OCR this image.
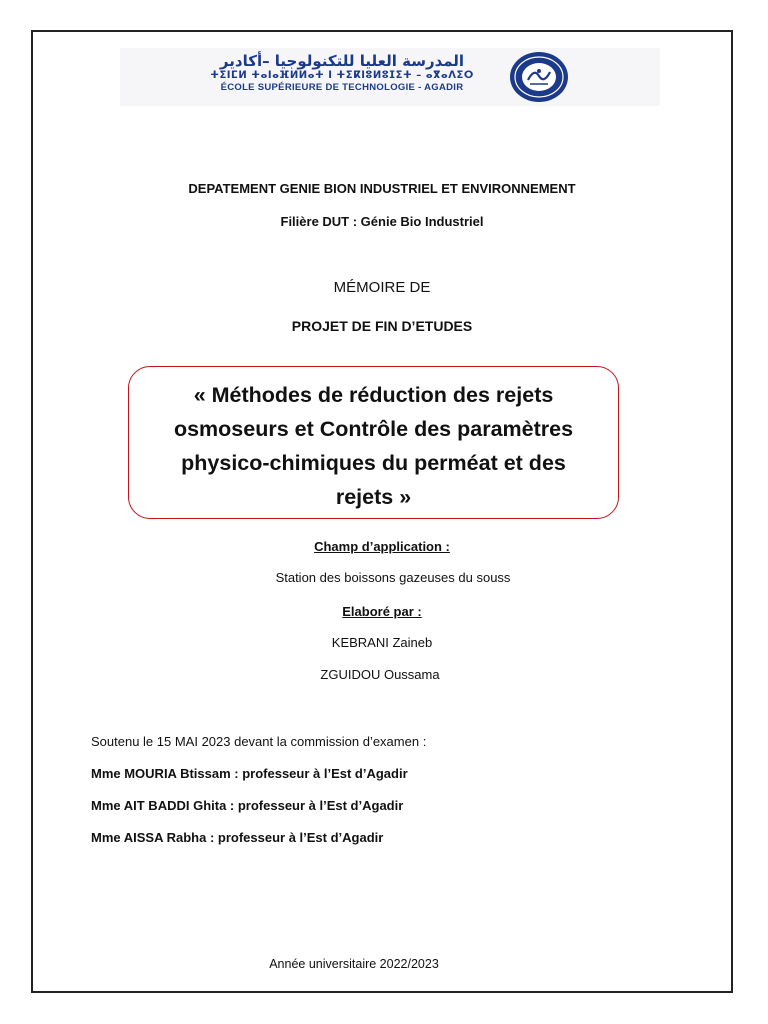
المدرسة العليا للتكنولوجيا –أكادير
ⵜⵉⵏⵎⵍ ⵜⴰⵏⴰⴼⵍⵍⴰⵜ ⵏ ⵜⵉⴽⵏⵓⵍⵓⵊⵉⵜ – ⴰⴳⴰⴷⵉⵔ
ÉCOLE SUPÉRIEURE DE TECHNOLOGIE - AGADIR
DEPATEMENT GENIE BION INDUSTRIEL ET ENVIRONNEMENT
Filière DUT : Génie Bio Industriel
MÉMOIRE DE
PROJET DE FIN D’ETUDES
« Méthodes de réduction des rejets
osmoseurs et Contrôle des paramètres
physico-chimiques du perméat et des
rejets »
Champ d’application :
Station des boissons gazeuses du souss
Elaboré par :
KEBRANI Zaineb
ZGUIDOU Oussama
Soutenu le 15 MAI 2023 devant la commission d’examen :
Mme MOURIA Btissam : professeur à l’Est d’Agadir
Mme AIT BADDI Ghita : professeur à l’Est d’Agadir
Mme AISSA Rabha : professeur à l’Est d’Agadir
Année universitaire 2022/2023
